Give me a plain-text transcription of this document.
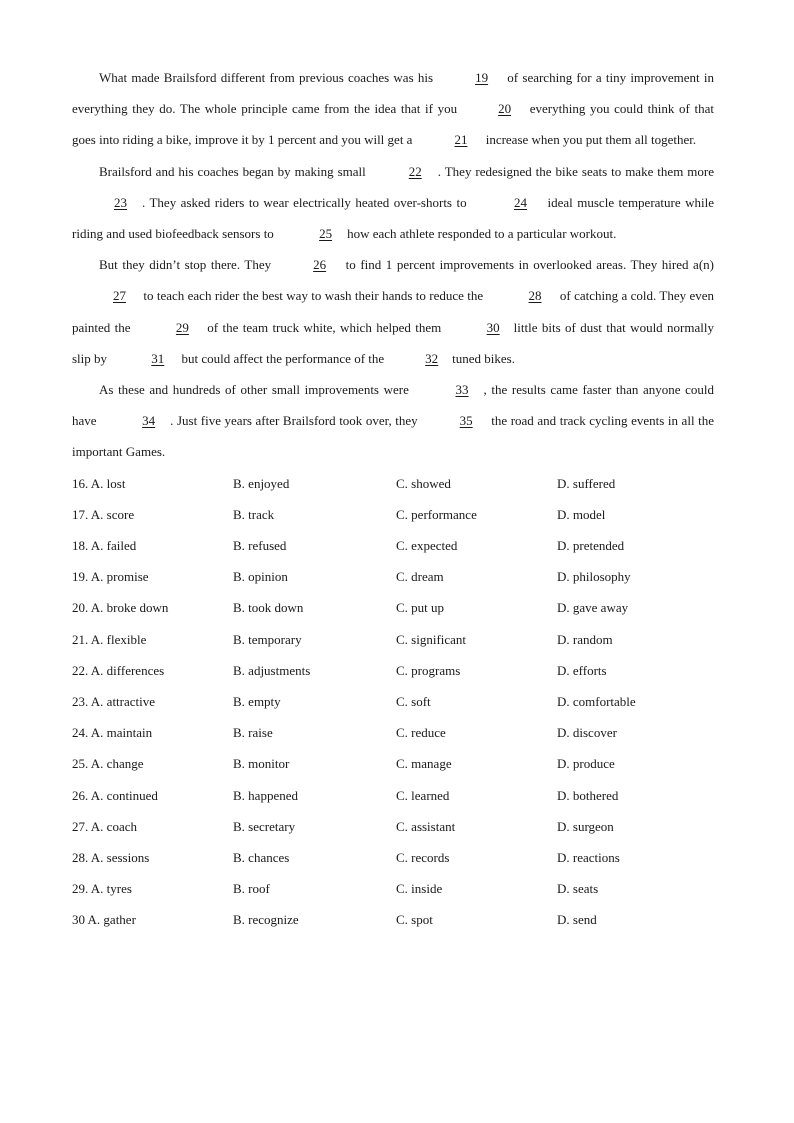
What made Brailsford different from previous coaches was his	19 of searching for a tiny improvement in everything they do. The whole principle came from the idea that if you	20 everything you could think of that goes into riding a bike, improve it by 1 percent and you will get a	21 increase when you put them all together.

Brailsford and his coaches began by making small	22 . They redesigned the bike seats to make them more23 . They asked riders to wear electrically heated over-shorts to	24 ideal muscle temperature while riding and used biofeedback sensors to	25 how each athlete responded to a particular workout.

But they didn’t stop there. They	26 to find 1 percent improvements in overlooked areas. They hired a(n)27 to teach each rider the best way to wash their hands to reduce the	28 of catching a cold. They even painted the	29 of the team truck white, which helped them	30 little bits of dust that would normally slip by	31 but could affect the performance of the	32 tuned bikes.

As these and hundreds of other small improvements were	33 , the results came faster than anyone could have	34 . Just five years after Brailsford took over, they	35 the road and track cycling events in all the important Games.

16. A. lost	B. enjoyed	C. showed	D. suffered
17. A. score	B. track	C. performance	D. model
18. A. failed	B. refused	C. expected	D. pretended
19. A. promise	B. opinion	C. dream	D. philosophy
20. A. broke down	B. took down	C. put up	D. gave away
21. A. flexible	B. temporary	C. significant	D. random
22. A. differences	B. adjustments	C. programs	D. efforts
23. A. attractive	B. empty	C. soft	D. comfortable
24. A. maintain	B. raise	C. reduce	D. discover
25. A. change	B. monitor	C. manage	D. produce
26. A. continued	B. happened	C. learned	D. bothered
27. A. coach	B. secretary	C. assistant	D. surgeon
28. A. sessions	B. chances	C. records	D. reactions
29. A. tyres	B. roof	C. inside	D. seats
30 A. gather	B. recognize	C. spot	D. send
